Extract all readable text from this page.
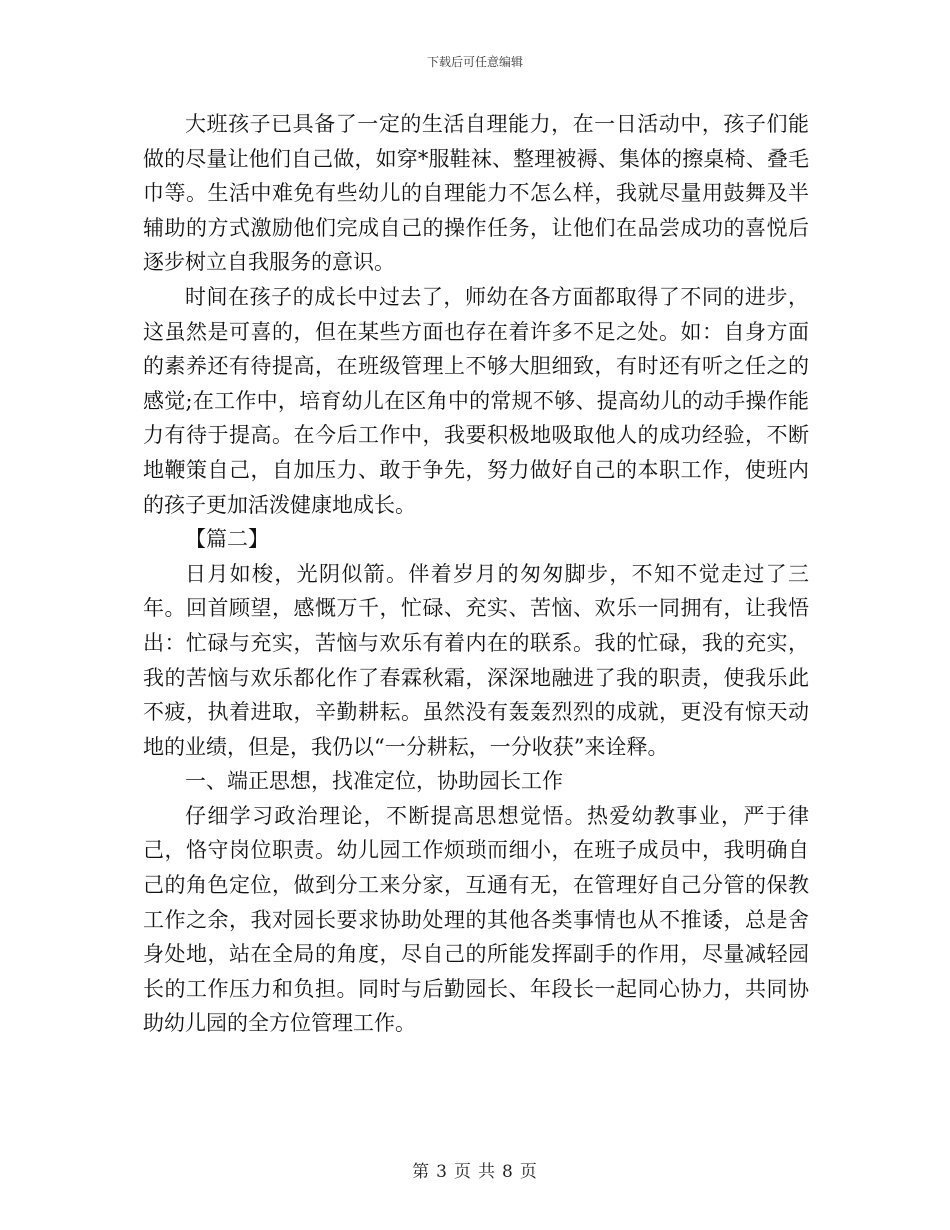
下载后可任意编辑

大班孩子已具备了一定的生活自理能力，在一日活动中，孩子们能做的尽量让他们自己做，如穿*服鞋袜、整理被褥、集体的擦桌椅、叠毛巾等。生活中难免有些幼儿的自理能力不怎么样，我就尽量用鼓舞及半辅助的方式激励他们完成自己的操作任务，让他们在品尝成功的喜悦后逐步树立自我服务的意识。

时间在孩子的成长中过去了，师幼在各方面都取得了不同的进步，这虽然是可喜的，但在某些方面也存在着许多不足之处。如：自身方面的素养还有待提高，在班级管理上不够大胆细致，有时还有听之任之的感觉;在工作中，培育幼儿在区角中的常规不够、提高幼儿的动手操作能力有待于提高。在今后工作中，我要积极地吸取他人的成功经验，不断地鞭策自己，自加压力、敢于争先，努力做好自己的本职工作，使班内的孩子更加活泼健康地成长。

【篇二】

日月如梭，光阴似箭。伴着岁月的匆匆脚步，不知不觉走过了三年。回首顾望，感慨万千，忙碌、充实、苦恼、欢乐一同拥有，让我悟出：忙碌与充实，苦恼与欢乐有着内在的联系。我的忙碌，我的充实，我的苦恼与欢乐都化作了春霖秋霜，深深地融进了我的职责，使我乐此不疲，执着进取，辛勤耕耘。虽然没有轰轰烈烈的成就，更没有惊天动地的业绩，但是，我仍以“一分耕耘，一分收获”来诠释。

一、端正思想，找准定位，协助园长工作

仔细学习政治理论，不断提高思想觉悟。热爱幼教事业，严于律己，恪守岗位职责。幼儿园工作烦琐而细小，在班子成员中，我明确自己的角色定位，做到分工来分家，互通有无，在管理好自己分管的保教工作之余，我对园长要求协助处理的其他各类事情也从不推诿，总是舍身处地，站在全局的角度，尽自己的所能发挥副手的作用，尽量减轻园长的工作压力和负担。同时与后勤园长、年段长一起同心协力，共同协助幼儿园的全方位管理工作。

第 3 页 共 8 页
